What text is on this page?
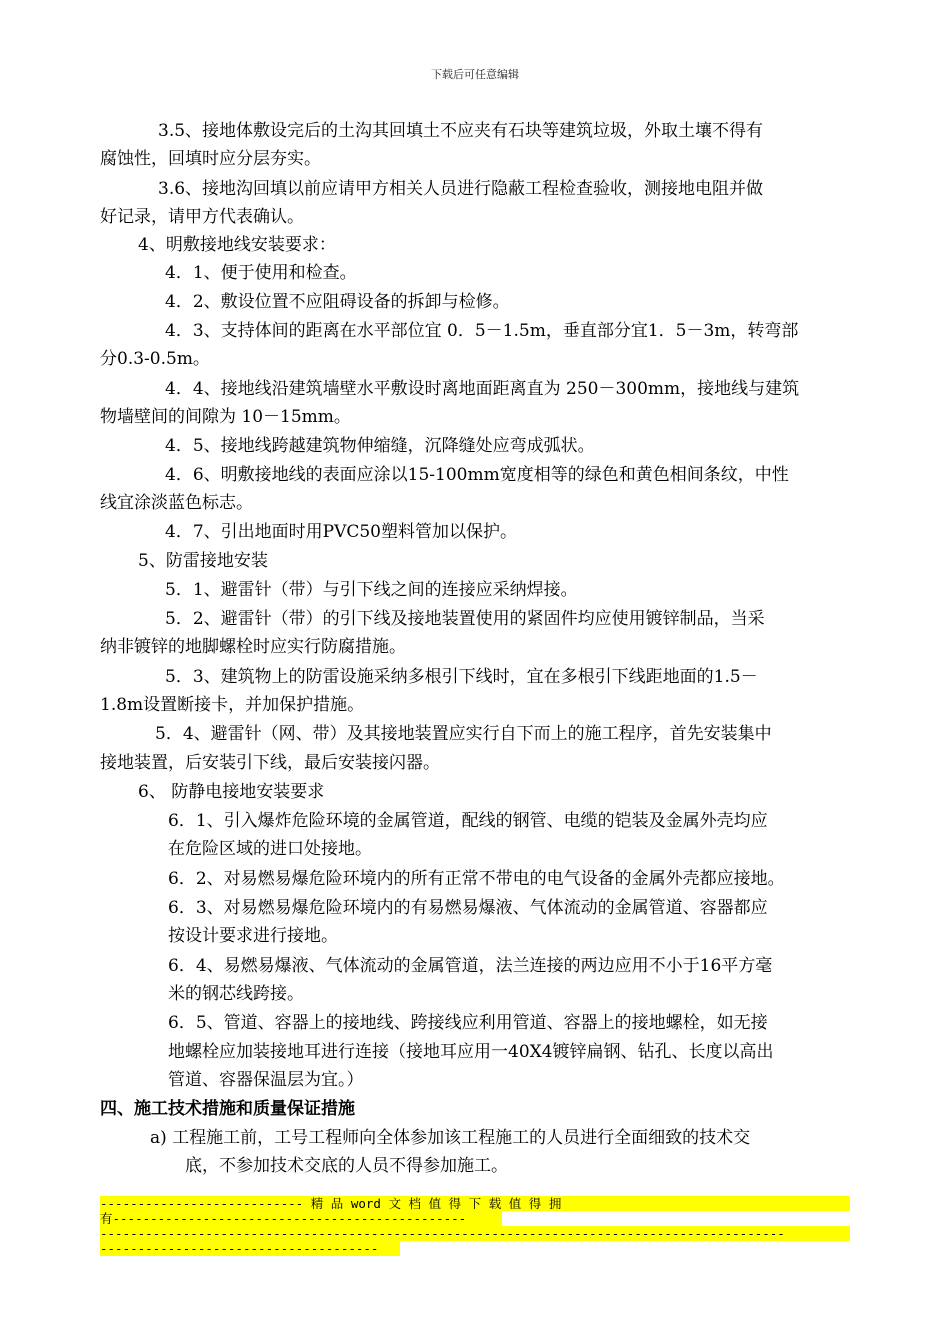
下载后可任意编辑
3.5、接地体敷设完后的土沟其回填土不应夹有石块等建筑垃圾，外取土壤不得有
腐蚀性，回填时应分层夯实。
3.6、接地沟回填以前应请甲方相关人员进行隐蔽工程检查验收，测接地电阻并做
好记录，请甲方代表确认。
4、明敷接地线安装要求：
4．1、便于使用和检查。
4．2、敷设位置不应阻碍设备的拆卸与检修。
4．3、支持体间的距离在水平部位宜 0．5－1.5m，垂直部分宜1．5－3m，转弯部
分0.3-0.5m。
4．4、接地线沿建筑墙壁水平敷设时离地面距离直为 250－300mm，接地线与建筑
物墙壁间的间隙为 10－15mm。
4．5、接地线跨越建筑物伸缩缝，沉降缝处应弯成弧状。
4．6、明敷接地线的表面应涂以15-100mm宽度相等的绿色和黄色相间条纹，中性
线宜涂淡蓝色标志。
4．7、引出地面时用PVC50塑料管加以保护。
5、防雷接地安装
5．1、避雷针（带）与引下线之间的连接应采纳焊接。
5．2、避雷针（带）的引下线及接地装置使用的紧固件均应使用镀锌制品，当采
纳非镀锌的地脚螺栓时应实行防腐措施。
5．3、建筑物上的防雷设施采纳多根引下线时，宜在多根引下线距地面的1.5－
1.8m设置断接卡，并加保护措施。
5．4、避雷针（网、带）及其接地装置应实行自下而上的施工程序，首先安装集中
接地装置，后安装引下线，最后安装接闪器。
6、 防静电接地安装要求
6．1、引入爆炸危险环境的金属管道，配线的钢管、电缆的铠装及金属外壳均应
在危险区域的进口处接地。
6．2、对易燃易爆危险环境内的所有正常不带电的电气设备的金属外壳都应接地。
6．3、对易燃易爆危险环境内的有易燃易爆液、气体流动的金属管道、容器都应
按设计要求进行接地。
6．4、易燃易爆液、气体流动的金属管道，法兰连接的两边应用不小于16平方毫
米的钢芯线跨接。
6．5、管道、容器上的接地线、跨接线应利用管道、容器上的接地螺栓，如无接
地螺栓应加装接地耳进行连接（接地耳应用一40X4镀锌扁钢、钻孔、长度以高出
管道、容器保温层为宜。）
四、施工技术措施和质量保证措施
a) 工程施工前，工号工程师向全体参加该工程施工的人员进行全面细致的技术交
底，不参加技术交底的人员不得参加施工。
--------------------------- 精 品 word 文 档 值 得 下 载 值 得 拥
有-----------------------------------------------
-------------------------------------------------------------------------------------------
-------------------------------------
